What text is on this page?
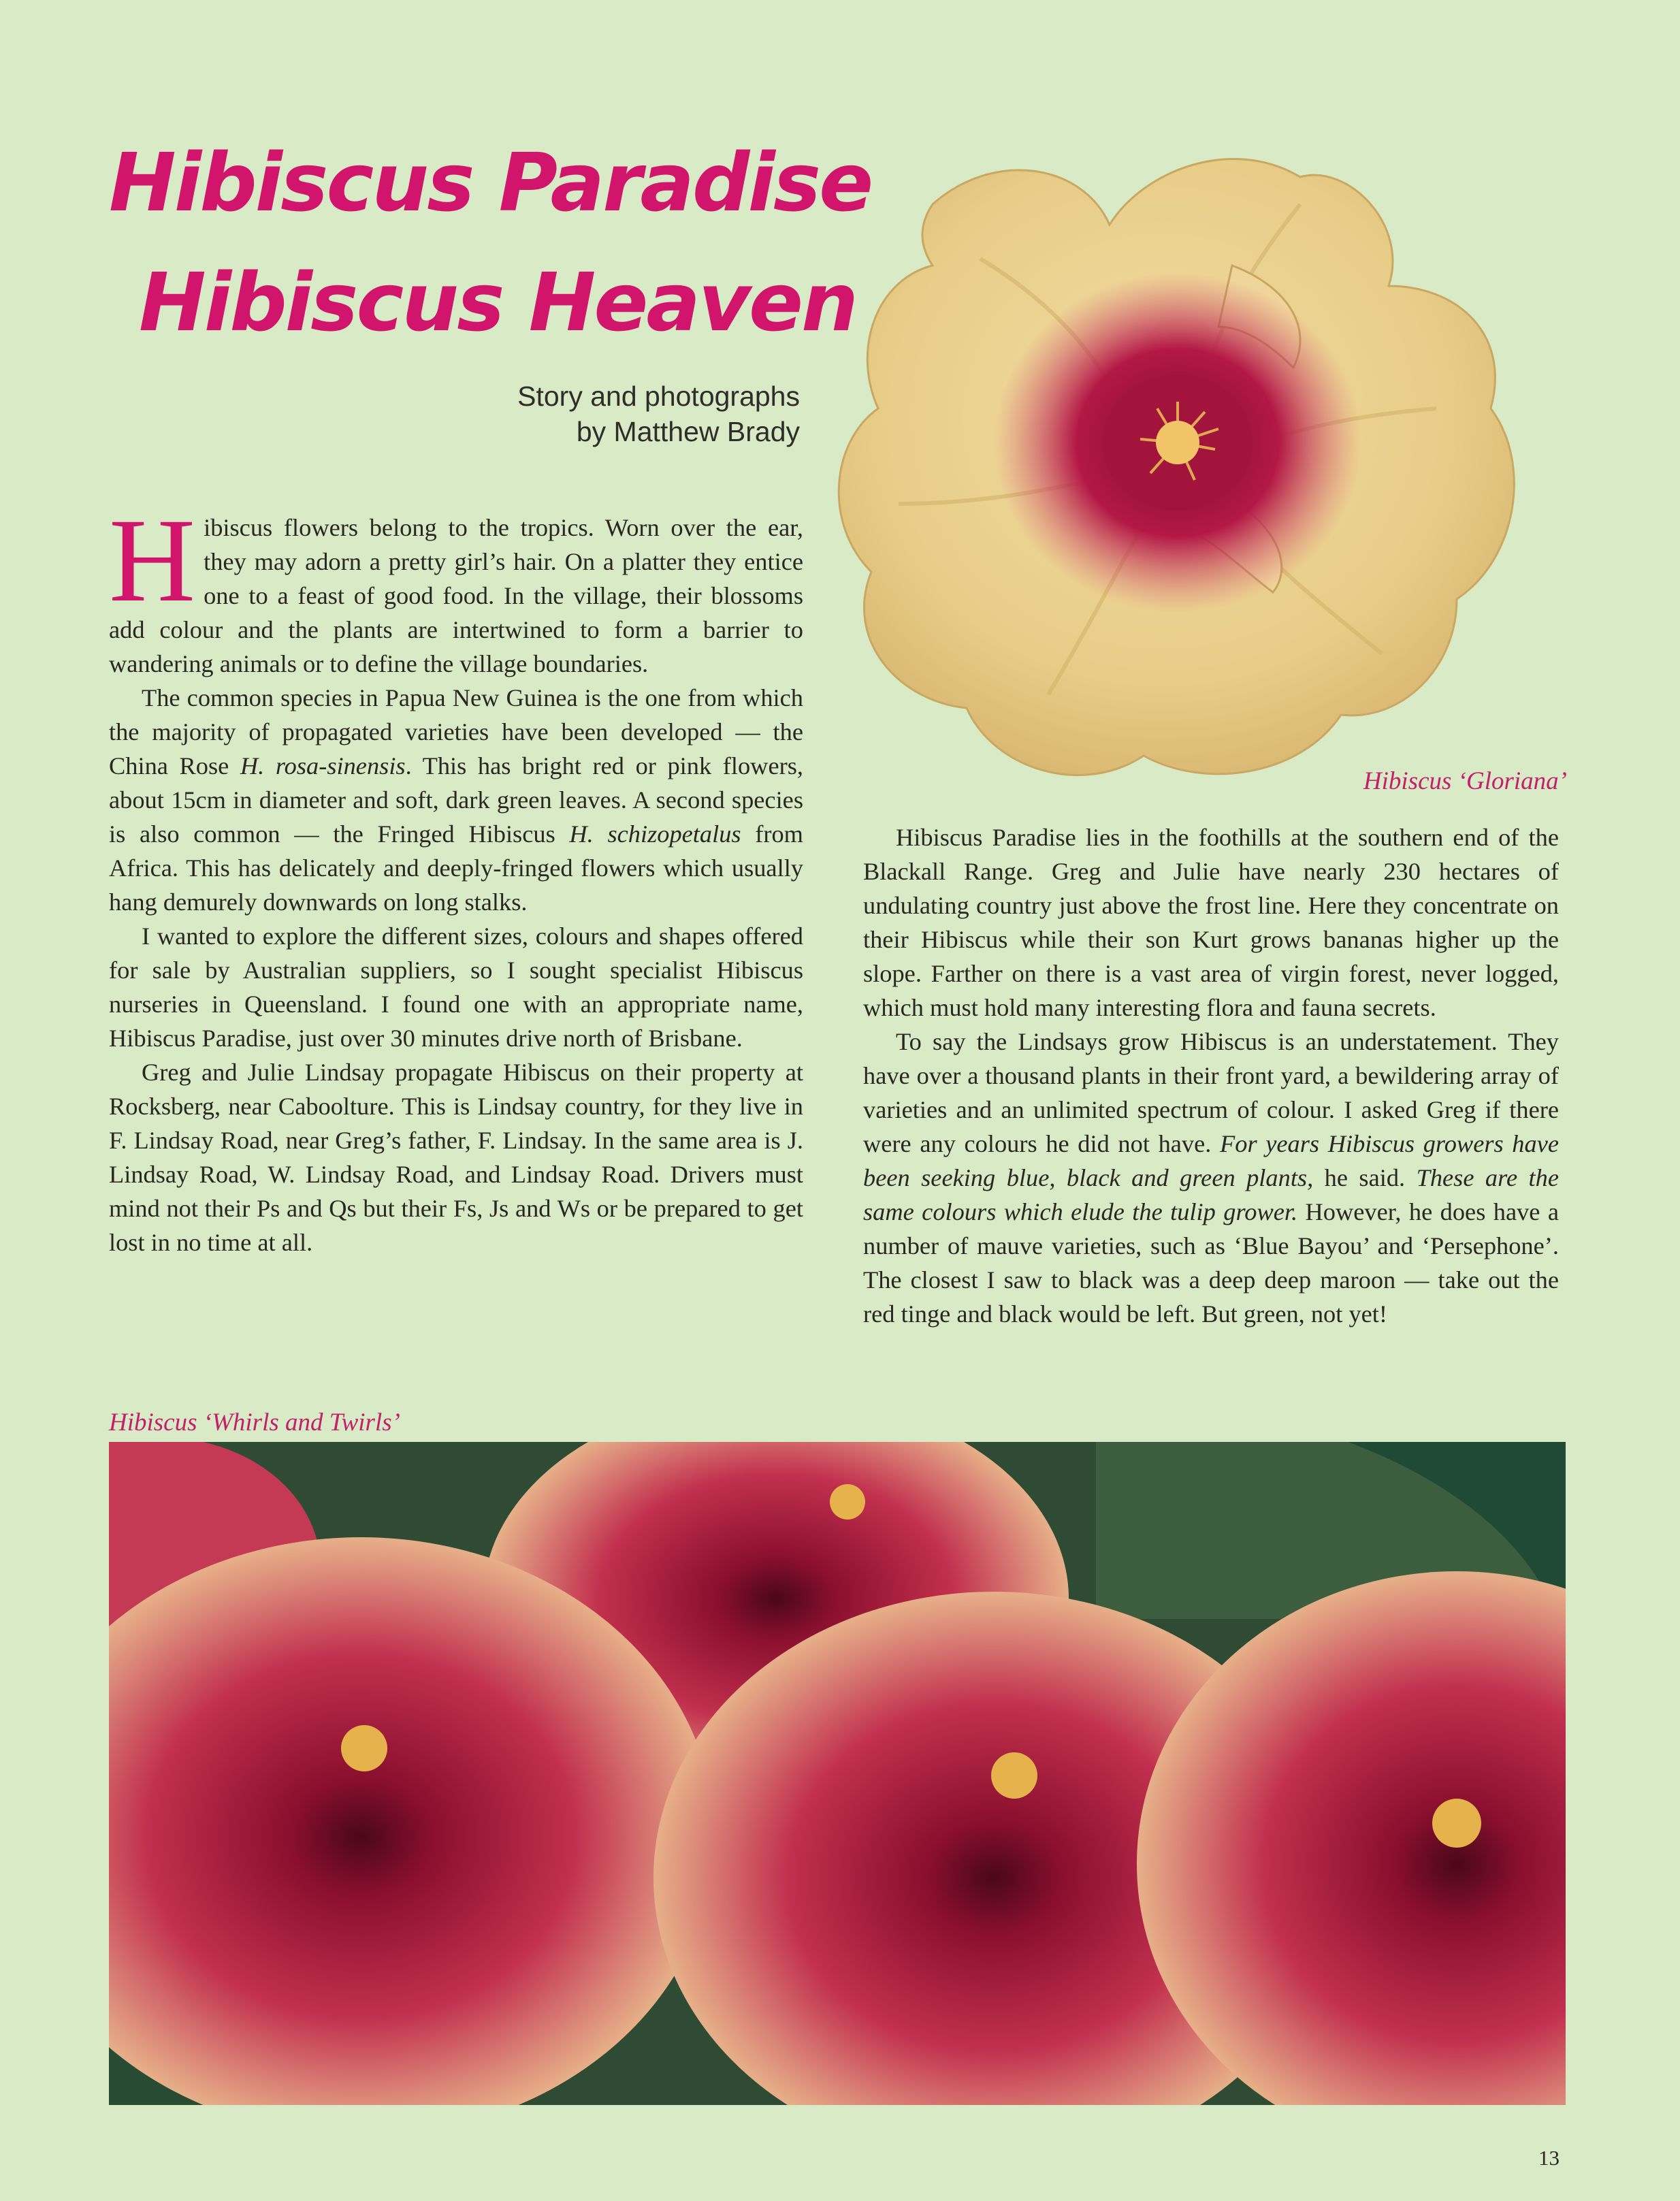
Hibiscus Paradise
Hibiscus Heaven
Story and photographs
by Matthew Brady

Hibiscus flowers belong to the tropics. Worn over the ear, they may adorn a pretty girl’s hair. On a platter they entice one to a feast of good food. In the village, their blossoms add colour and the plants are intertwined to form a barrier to wandering animals or to define the village boundaries.

The common species in Papua New Guinea is the one from which the majority of propagated varieties have been developed — the China Rose H. rosa-sinensis. This has bright red or pink flowers, about 15cm in diameter and soft, dark green leaves. A second species is also common — the Fringed Hibiscus H. schizopetalus from Africa. This has delicately and deeply-fringed flowers which usually hang demurely downwards on long stalks.

I wanted to explore the different sizes, colours and shapes offered for sale by Australian suppliers, so I sought specialist Hibiscus nurseries in Queensland. I found one with an appropriate name, Hibiscus Paradise, just over 30 minutes drive north of Brisbane.

Greg and Julie Lindsay propagate Hibiscus on their property at Rocksberg, near Caboolture. This is Lindsay country, for they live in F. Lindsay Road, near Greg’s father, F. Lindsay. In the same area is J. Lindsay Road, W. Lindsay Road, and Lindsay Road. Drivers must mind not their Ps and Qs but their Fs, Js and Ws or be prepared to get lost in no time at all.

Hibiscus Paradise lies in the foothills at the southern end of the Blackall Range. Greg and Julie have nearly 230 hectares of undulating country just above the frost line. Here they concentrate on their Hibiscus while their son Kurt grows bananas higher up the slope. Farther on there is a vast area of virgin forest, never logged, which must hold many interesting flora and fauna secrets.

To say the Lindsays grow Hibiscus is an understatement. They have over a thousand plants in their front yard, a bewildering array of varieties and an unlimited spectrum of colour. I asked Greg if there were any colours he did not have. For years Hibiscus growers have been seeking blue, black and green plants, he said. These are the same colours which elude the tulip grower. However, he does have a number of mauve varieties, such as ‘Blue Bayou’ and ‘Persephone’. The closest I saw to black was a deep deep maroon — take out the red tinge and black would be left. But green, not yet!

Hibiscus ‘Gloriana’
Hibiscus ‘Whirls and Twirls’
13
